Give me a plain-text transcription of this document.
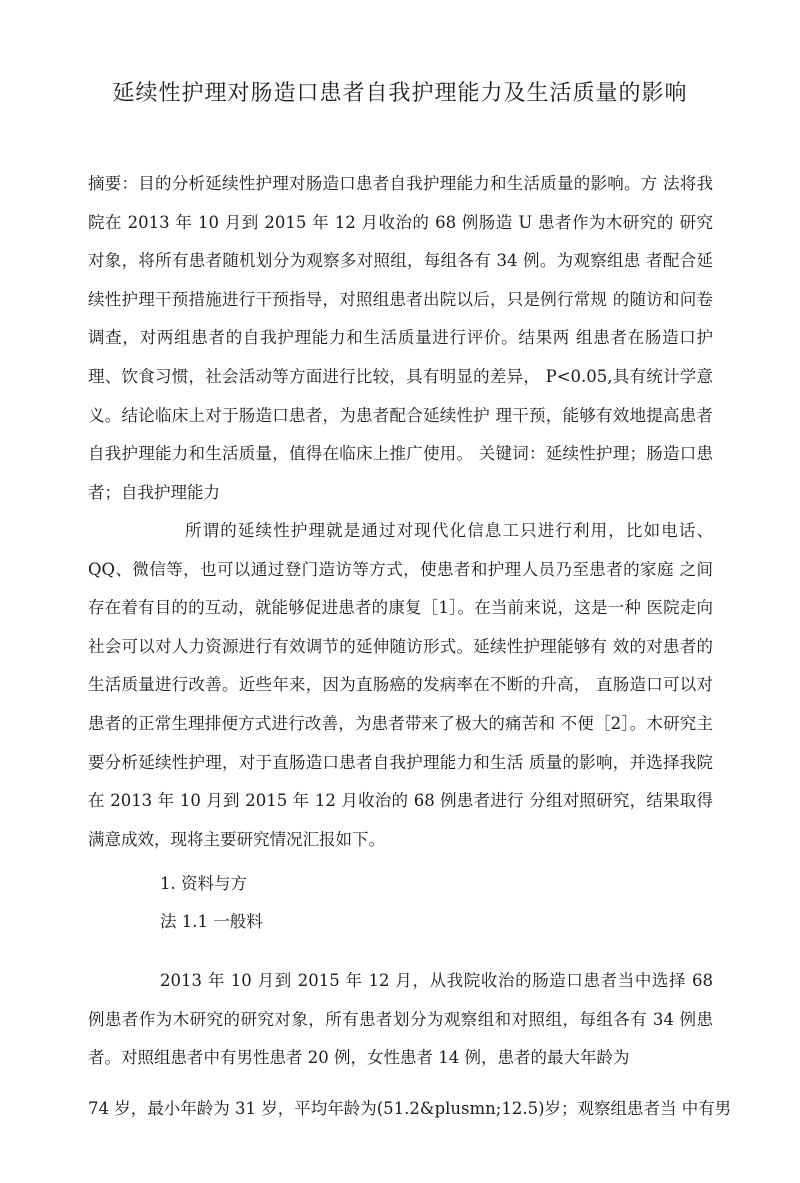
延续性护理对肠造口患者自我护理能力及生活质量的影响

摘要：目的分析延续性护理对肠造口患者自我护理能力和生活质量的影响。方 法将我院在 2013 年 10 月到 2015 年 12 月收治的 68 例肠造 U 患者作为木研究的 研究对象，将所有患者随机划分为观察多对照组，每组各有 34 例。为观察组患 者配合延续性护理干预措施进行干预指导，对照组患者出院以后，只是例行常规 的随访和问卷调查，对两组患者的自我护理能力和生活质量进行评价。结果两 组患者在肠造口护理、饮食习惯，社会活动等方面进行比较，具有明显的差异， P<0.05,具有统计学意义。结论临床上对于肠造口患者，为患者配合延续性护 理干预，能够有效地提高患者自我护理能力和生活质量，值得在临床上推广使用。 关键词：延续性护理；肠造口患者；自我护理能力

所谓的延续性护理就是通过对现代化信息工只进行利用，比如电话、QQ、微信等，也可以通过登门造访等方式，使患者和护理人员乃至患者的家庭 之间存在着有目的的互动，就能够促进患者的康复［1］。在当前来说，这是一种 医院走向社会可以对人力资源进行有效调节的延伸随访形式。延续性护理能够有 效的对患者的生活质量进行改善。近些年来，因为直肠癌的发病率在不断的升高， 直肠造口可以对患者的正常生理排便方式进行改善，为患者带来了极大的痛苦和 不便［2］。木研究主要分析延续性护理，对于直肠造口患者自我护理能力和生活 质量的影响，并选择我院在 2013 年 10 月到 2015 年 12 月收治的 68 例患者进行 分组对照研究，结果取得满意成效，现将主要研究情况汇报如下。

1. 资料与方

法 1.1 一般料

2013 年 10 月到 2015 年 12 月，从我院收治的肠造口患者当中选择 68 例患者作为木研究的研究对象，所有患者划分为观察组和对照组，每组各有 34 例患者。对照组患者中有男性患者 20 例，女性患者 14 例，患者的最大年龄为

74 岁，最小年龄为 31 岁，平均年龄为(51.2&plusmn;12.5)岁；观察组患者当 中有男
